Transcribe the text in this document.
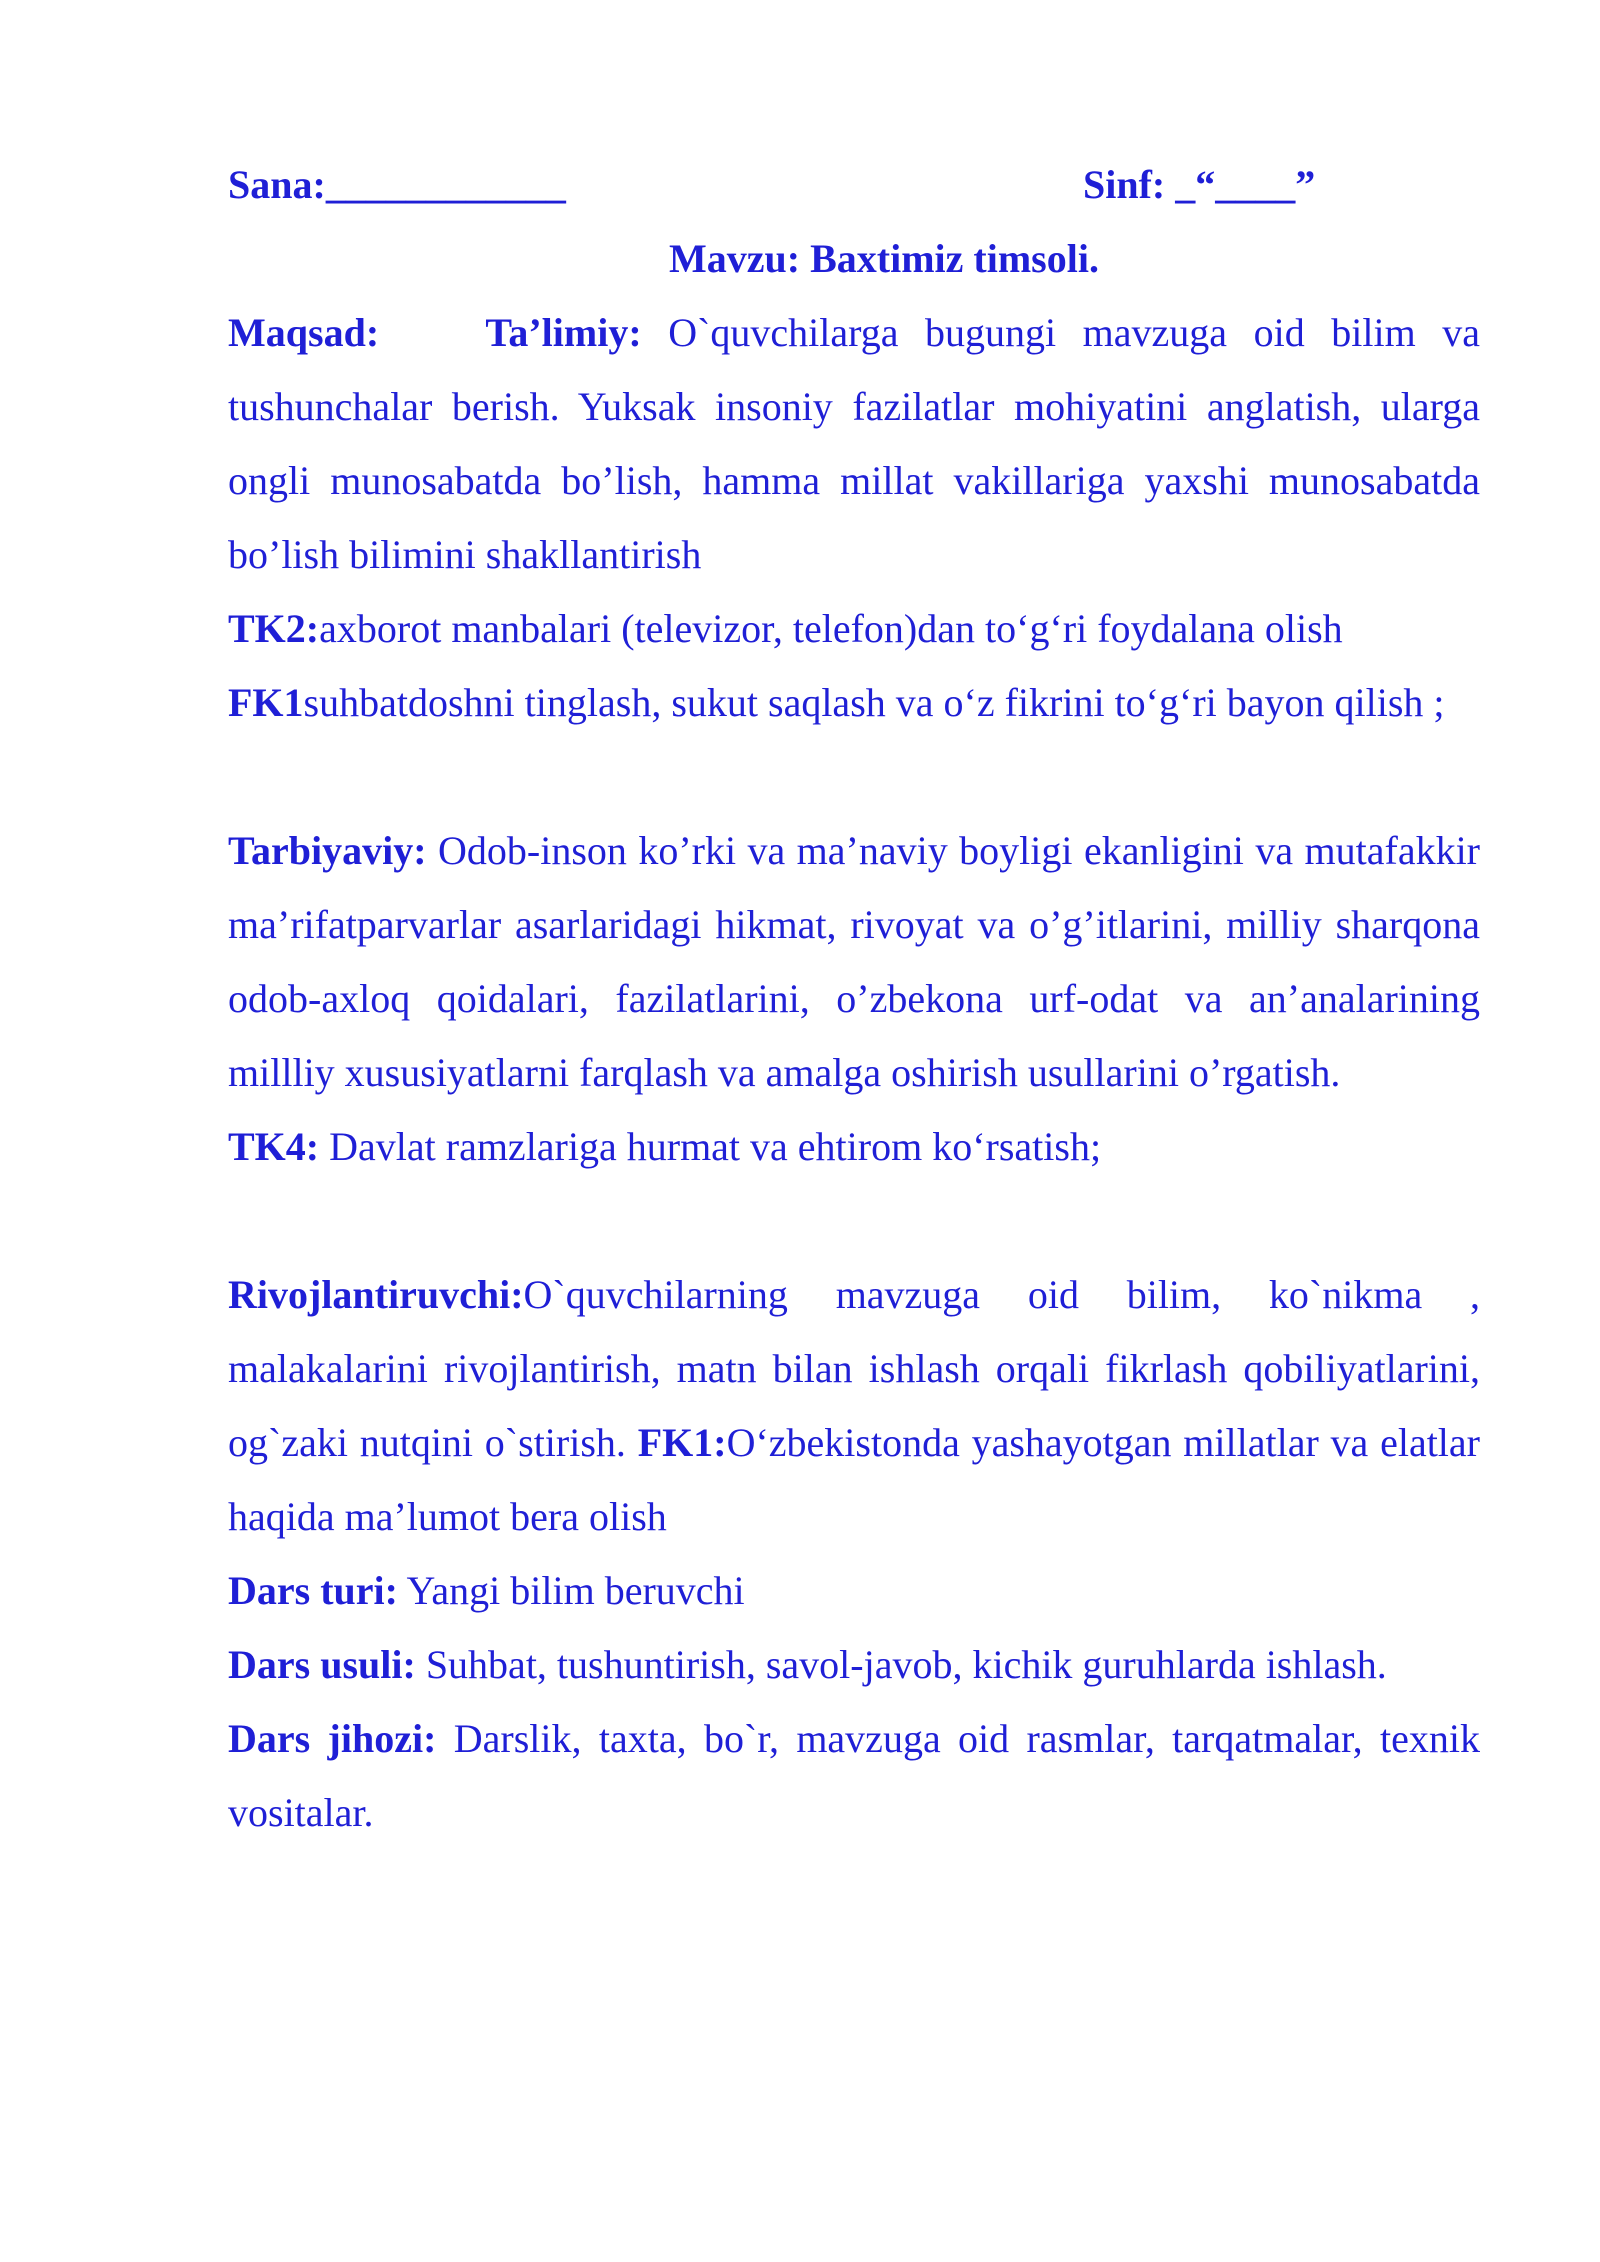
Sana:____________	Sinf: _“____”
Mavzu: Baxtimiz timsoli.

Maqsad:	Ta’limiy: O`quvchilarga bugungi mavzuga oid bilim va tushunchalar berish. Yuksak insoniy fazilatlar mohiyatini anglatish, ularga ongli munosabatda bo’lish, hamma millat vakillariga yaxshi munosabatda bo’lish bilimini shakllantirish

TK2:axborot manbalari (televizor, telefon)dan to‘g‘ri foydalana olish

FK1suhbatdoshni tinglash, sukut saqlash va o‘z fikrini to‘g‘ri bayon qilish ;

Tarbiyaviy: Odob-inson ko’rki va ma’naviy boyligi ekanligini va mutafakkir ma’rifatparvarlar asarlaridagi hikmat, rivoyat va o’g’itlarini, milliy sharqona odob-axloq qoidalari, fazilatlarini, o’zbekona urf-odat va an’analarining millliy xususiyatlarni farqlash va amalga oshirish usullarini o’rgatish.

TK4: Davlat ramzlariga hurmat va ehtirom ko‘rsatish;

Rivojlantiruvchi:O`quvchilarning mavzuga oid bilim, ko`nikma , malakalarini rivojlantirish, matn bilan ishlash orqali fikrlash qobiliyatlarini, og`zaki nutqini o`stirish. FK1:O‘zbekistonda yashayotgan millatlar va elatlar haqida ma’lumot bera olish

Dars turi: Yangi bilim beruvchi

Dars usuli: Suhbat, tushuntirish, savol-javob, kichik guruhlarda ishlash.

Dars jihozi: Darslik, taxta, bo`r, mavzuga oid rasmlar, tarqatmalar, texnik vositalar.
